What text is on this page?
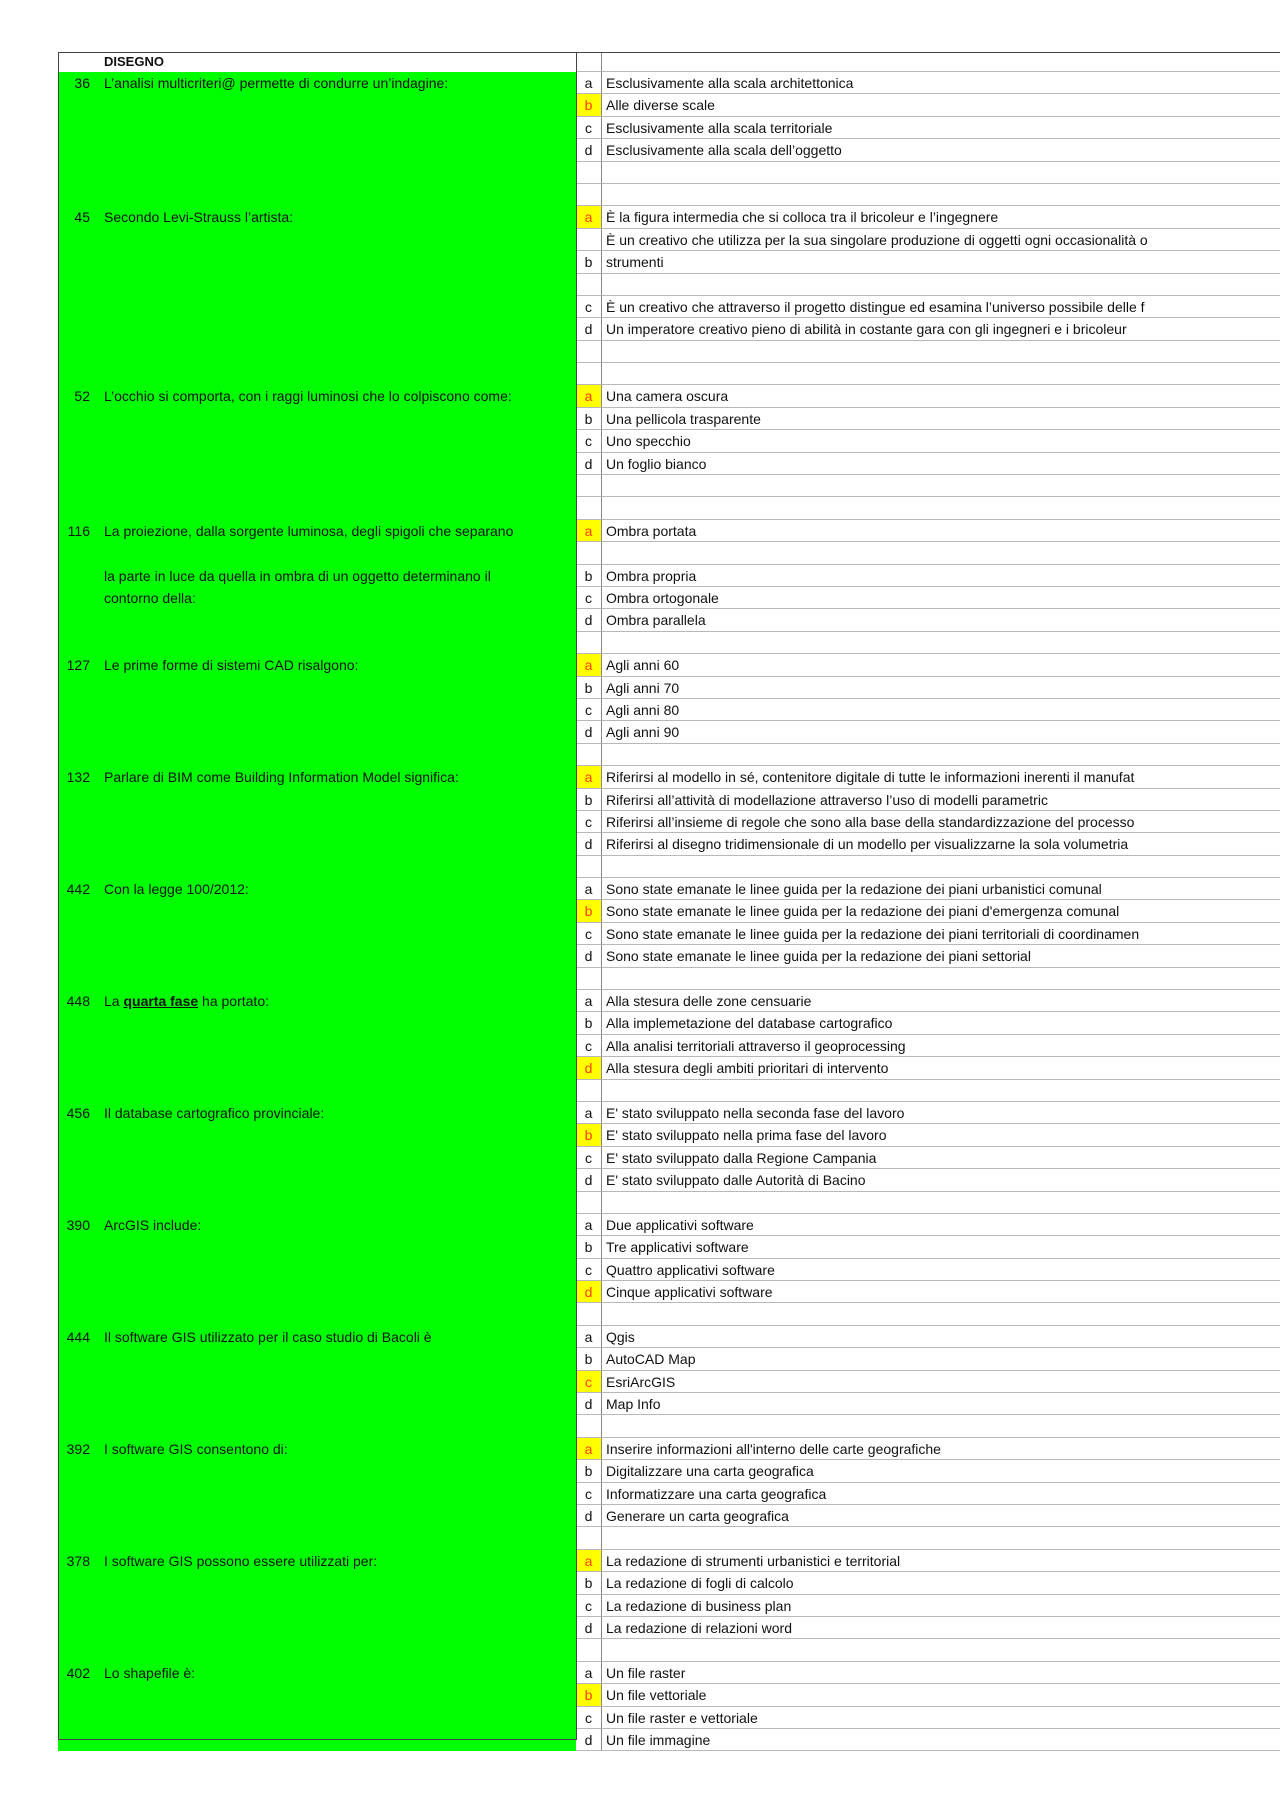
DISEGNO
36 L’analisi multicriteri@ permette di condurre un’indagine:	a Esclusivamente alla scala architettonica
b Alle diverse scale
c	Esclusivamente alla scala territoriale
d Esclusivamente alla scala dell’oggetto
45 Secondo Levi-Strauss l’artista:	a È la figura intermedia che si colloca tra il bricoleur e l’ingegnere
È un creativo che utilizza per la sua singolare produzione di oggetti ogni occasionalità o
b strumenti
c	È un creativo che attraverso il progetto distingue ed esamina l’universo possibile delle f
d Un imperatore creativo pieno di abilità in costante gara con gli ingegneri e i bricoleur
52 L’occhio si comporta, con i raggi luminosi che lo colpiscono come:	a Una camera oscura
b Una pellicola trasparente
c	Uno specchio
d Un foglio bianco
116 La proiezione, dalla sorgente luminosa, degli spigoli che separano	a Ombra portata
la parte in luce da quella in ombra di un oggetto determinano il contorno della:
b Ombra propria
c	Ombra ortogonale
d Ombra parallela
127 Le prime forme di sistemi CAD risalgono:	a Agli anni 60
b Agli anni 70
c	Agli anni 80
d Agli anni 90
132 Parlare di BIM come Building Information Model significa:	a Riferirsi al modello in sé, contenitore digitale di tutte le informazioni inerenti il manufat
b Riferirsi all’attività di modellazione attraverso l’uso di modelli parametric
c	Riferirsi all’insieme di regole che sono alla base della standardizzazione del processo
d Riferirsi al disegno tridimensionale di un modello per visualizzarne la sola volumetria
442 Con la legge 100/2012:	a Sono state emanate le linee guida per la redazione dei piani urbanistici comunal
b Sono state emanate le linee guida per la redazione dei piani d'emergenza comunal
c	Sono state emanate le linee guida per la redazione dei piani territoriali di coordinamen
d Sono state emanate le linee guida per la redazione dei piani settorial
448 La quarta fase ha portato:	a Alla stesura delle zone censuarie
b Alla implemetazione del database cartografico
c	Alla analisi territoriali attraverso il geoprocessing
d Alla stesura degli ambiti prioritari di intervento
456 Il database cartografico provinciale:	a E' stato sviluppato nella seconda fase del lavoro
b E' stato sviluppato nella prima fase del lavoro
c	E' stato sviluppato dalla Regione Campania
d E' stato sviluppato dalle Autorità di Bacino
390 ArcGIS include:	a Due applicativi software
b Tre applicativi software
c	Quattro applicativi software
d Cinque applicativi software
444 Il software GIS utilizzato per il caso studio di Bacoli è	a Qgis
b AutoCAD Map
c	EsriArcGIS
d Map Info
392 I software GIS consentono di:	a Inserire informazioni all'interno delle carte geografiche
b Digitalizzare una carta geografica
c	Informatizzare una carta geografica
d Generare un carta geografica
378 I software GIS possono essere utilizzati per:	a La redazione di strumenti urbanistici e territorial
b La redazione di fogli di calcolo
c	La redazione di business plan
d La redazione di relazioni word
402 Lo shapefile è:	a Un file raster
b Un file vettoriale
c	Un file raster e vettoriale
d Un file immagine
